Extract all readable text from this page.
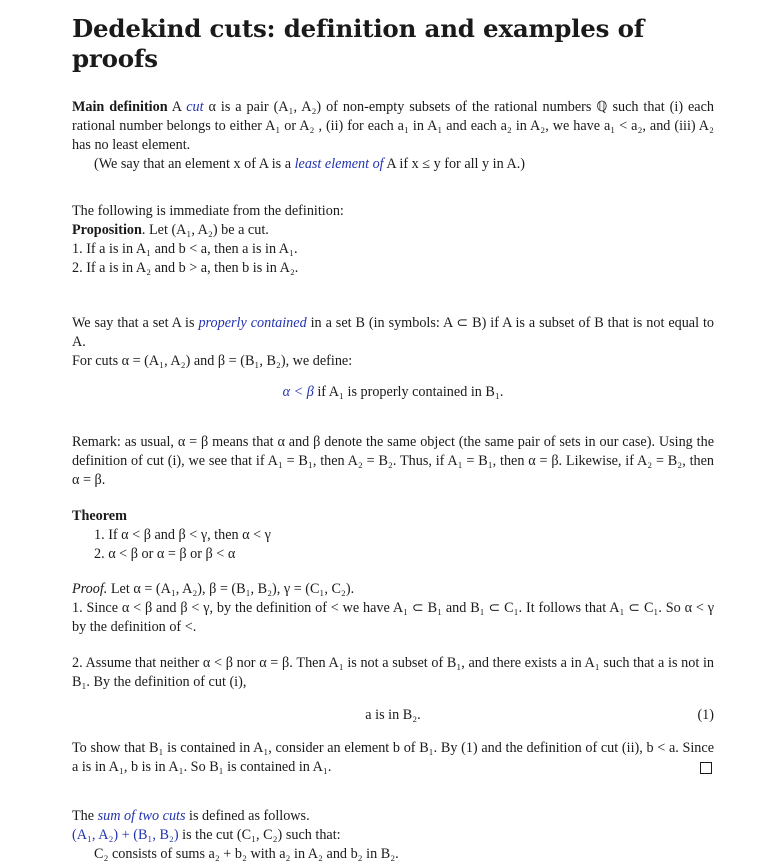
Dedekind cuts: definition and examples of proofs

Main definition A cut α is a pair (A₁, A₂) of non-empty subsets of the rational numbers ℚ such that (i) each rational number belongs to either A₁ or A₂ , (ii) for each a₁ in A₁ and each a₂ in A₂, we have a₁ < a₂, and (iii) A₂ has no least element.

(We say that an element x of A is a least element of A if x ≤ y for all y in A.)

The following is immediate from the definition:

Proposition. Let (A₁, A₂) be a cut.

1. If a is in A₁ and b < a, then a is in A₁.

2. If a is in A₂ and b > a, then b is in A₂.

We say that a set A is properly contained in a set B (in symbols: A ⊂ B) if A is a subset of B that is not equal to A.

For cuts α = (A₁, A₂) and β = (B₁, B₂), we define:

α < β if A₁ is properly contained in B₁.

Remark: as usual, α = β means that α and β denote the same object (the same pair of sets in our case). Using the definition of cut (i), we see that if A₁ = B₁, then A₂ = B₂. Thus, if A₁ = B₁, then α = β. Likewise, if A₂ = B₂, then α = β.

Theorem

1. If α < β and β < γ, then α < γ

2. α < β or α = β or β < α

Proof. Let α = (A₁, A₂), β = (B₁, B₂), γ = (C₁, C₂).

1. Since α < β and β < γ, by the definition of < we have A₁ ⊂ B₁ and B₁ ⊂ C₁. It follows that A₁ ⊂ C₁. So α < γ by the definition of <.

2. Assume that neither α < β nor α = β. Then A₁ is not a subset of B₁, and there exists a in A₁ such that a is not in B₁. By the definition of cut (i),

a is in B₂.	(1)

To show that B₁ is contained in A₁, consider an element b of B₁. By (1) and the definition of cut (ii), b < a. Since a is in A₁, b is in A₁. So B₁ is contained in A₁.

The sum of two cuts is defined as follows.

(A₁, A₂) + (B₁, B₂) is the cut (C₁, C₂) such that:

C₂ consists of sums a₂ + b₂ with a₂ in A₂ and b₂ in B₂.
